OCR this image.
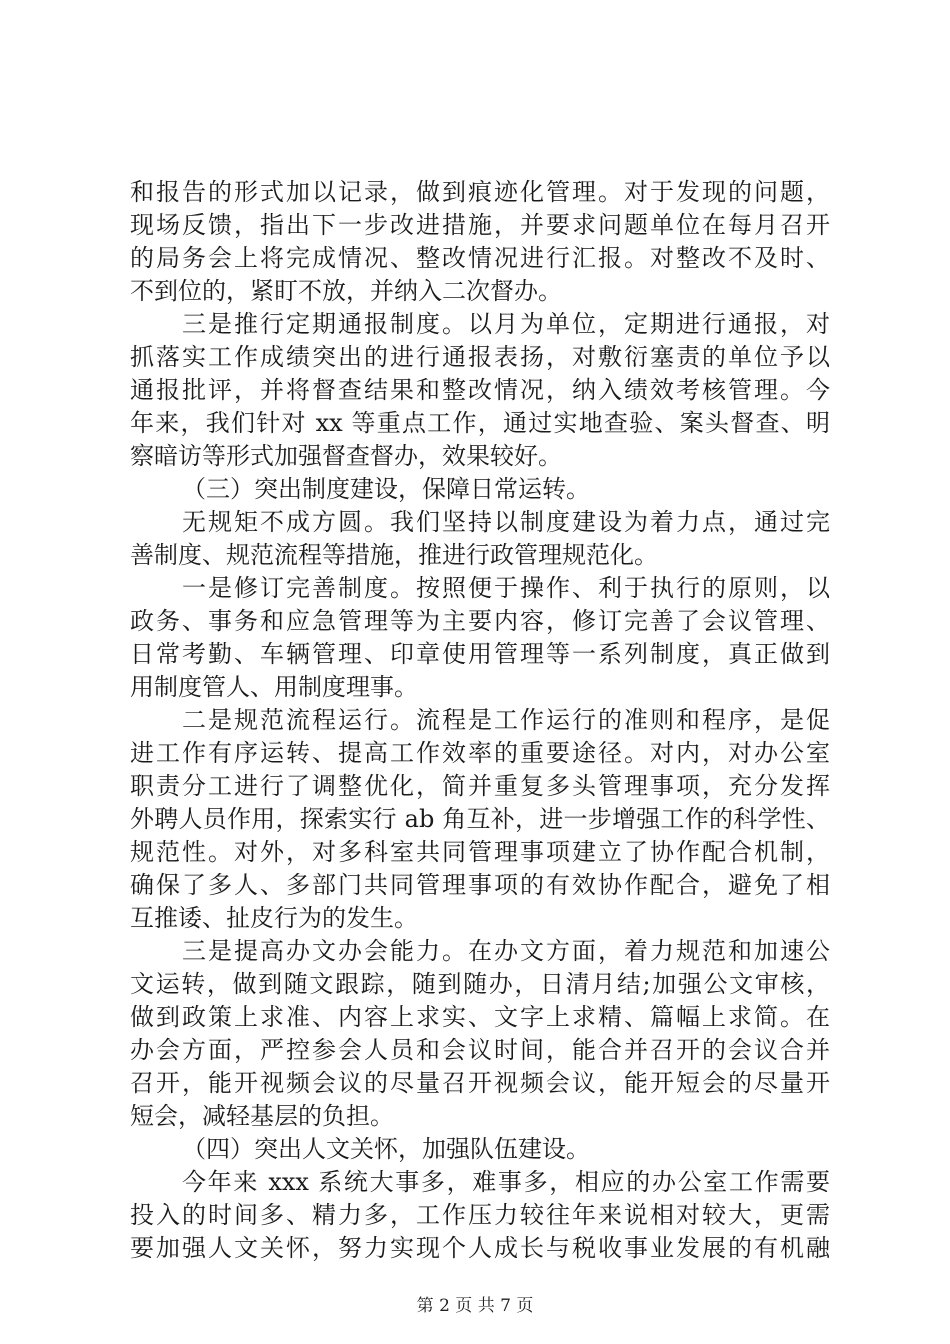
和报告的形式加以记录，做到痕迹化管理。对于发现的问题，
现场反馈，指出下一步改进措施，并要求问题单位在每月召开
的局务会上将完成情况、整改情况进行汇报。对整改不及时、
不到位的，紧盯不放，并纳入二次督办。
三是推行定期通报制度。以月为单位，定期进行通报，对
抓落实工作成绩突出的进行通报表扬，对敷衍塞责的单位予以
通报批评，并将督查结果和整改情况，纳入绩效考核管理。今
年来，我们针对 xx 等重点工作，通过实地查验、案头督查、明
察暗访等形式加强督查督办，效果较好。
（三）突出制度建设，保障日常运转。
无规矩不成方圆。我们坚持以制度建设为着力点，通过完
善制度、规范流程等措施，推进行政管理规范化。
一是修订完善制度。按照便于操作、利于执行的原则，以
政务、事务和应急管理等为主要内容，修订完善了会议管理、
日常考勤、车辆管理、印章使用管理等一系列制度，真正做到
用制度管人、用制度理事。
二是规范流程运行。流程是工作运行的准则和程序，是促
进工作有序运转、提高工作效率的重要途径。对内，对办公室
职责分工进行了调整优化，简并重复多头管理事项，充分发挥
外聘人员作用，探索实行 ab 角互补，进一步增强工作的科学性、
规范性。对外，对多科室共同管理事项建立了协作配合机制，
确保了多人、多部门共同管理事项的有效协作配合，避免了相
互推诿、扯皮行为的发生。
三是提高办文办会能力。在办文方面，着力规范和加速公
文运转，做到随文跟踪，随到随办，日清月结;加强公文审核，
做到政策上求准、内容上求实、文字上求精、篇幅上求简。在
办会方面，严控参会人员和会议时间，能合并召开的会议合并
召开，能开视频会议的尽量召开视频会议，能开短会的尽量开
短会，减轻基层的负担。
（四）突出人文关怀，加强队伍建设。
今年来 xxx 系统大事多，难事多，相应的办公室工作需要
投入的时间多、精力多，工作压力较往年来说相对较大，更需
要加强人文关怀，努力实现个人成长与税收事业发展的有机融
第 2 页 共 7 页
